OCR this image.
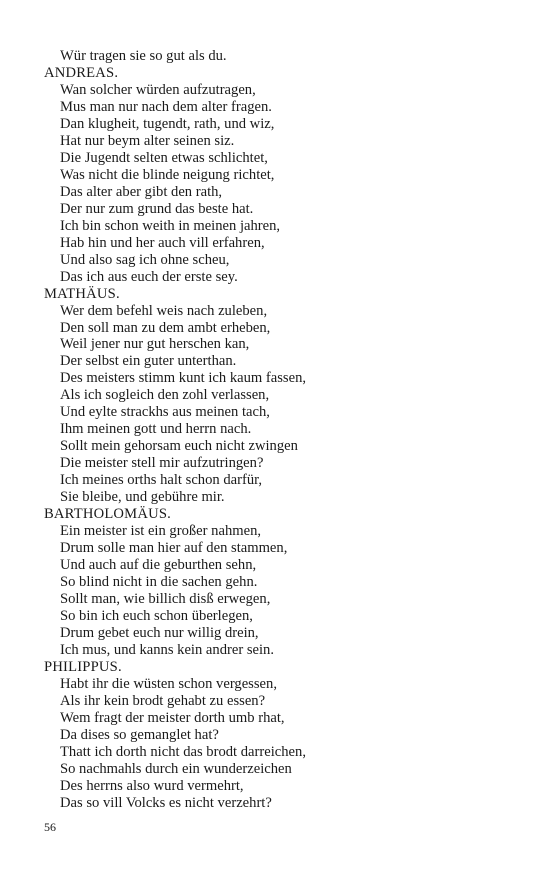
Wür tragen sie so gut als du.
ANDREAS.
Wan solcher würden aufzutragen,
Mus man nur nach dem alter fragen.
Dan klugheit, tugendt, rath, und wiz,
Hat nur beym alter seinen siz.
Die Jugendt selten etwas schlichtet,
Was nicht die blinde neigung richtet,
Das alter aber gibt den rath,
Der nur zum grund das beste hat.
Ich bin schon weith in meinen jahren,
Hab hin und her auch vill erfahren,
Und also sag ich ohne scheu,
Das ich aus euch der erste sey.
MATHÄUS.
Wer dem befehl weis nach zuleben,
Den soll man zu dem ambt erheben,
Weil jener nur gut herschen kan,
Der selbst ein guter unterthan.
Des meisters stimm kunt ich kaum fassen,
Als ich sogleich den zohl verlassen,
Und eylte strackhs aus meinen tach,
Ihm meinen gott und herrn nach.
Sollt mein gehorsam euch nicht zwingen
Die meister stell mir aufzutringen?
Ich meines orths halt schon darfür,
Sie bleibe, und gebühre mir.
BARTHOLOMÄUS.
Ein meister ist ein großer nahmen,
Drum solle man hier auf den stammen,
Und auch auf die geburthen sehn,
So blind nicht in die sachen gehn.
Sollt man, wie billich disß erwegen,
So bin ich euch schon überlegen,
Drum gebet euch nur willig drein,
Ich mus, und kanns kein andrer sein.
PHILIPPUS.
Habt ihr die wüsten schon vergessen,
Als ihr kein brodt gehabt zu essen?
Wem fragt der meister dorth umb rhat,
Da dises so gemanglet hat?
Thatt ich dorth nicht das brodt darreichen,
So nachmahls durch ein wunderzeichen
Des herrns also wurd vermehrt,
Das so vill Volcks es nicht verzehrt?
56
